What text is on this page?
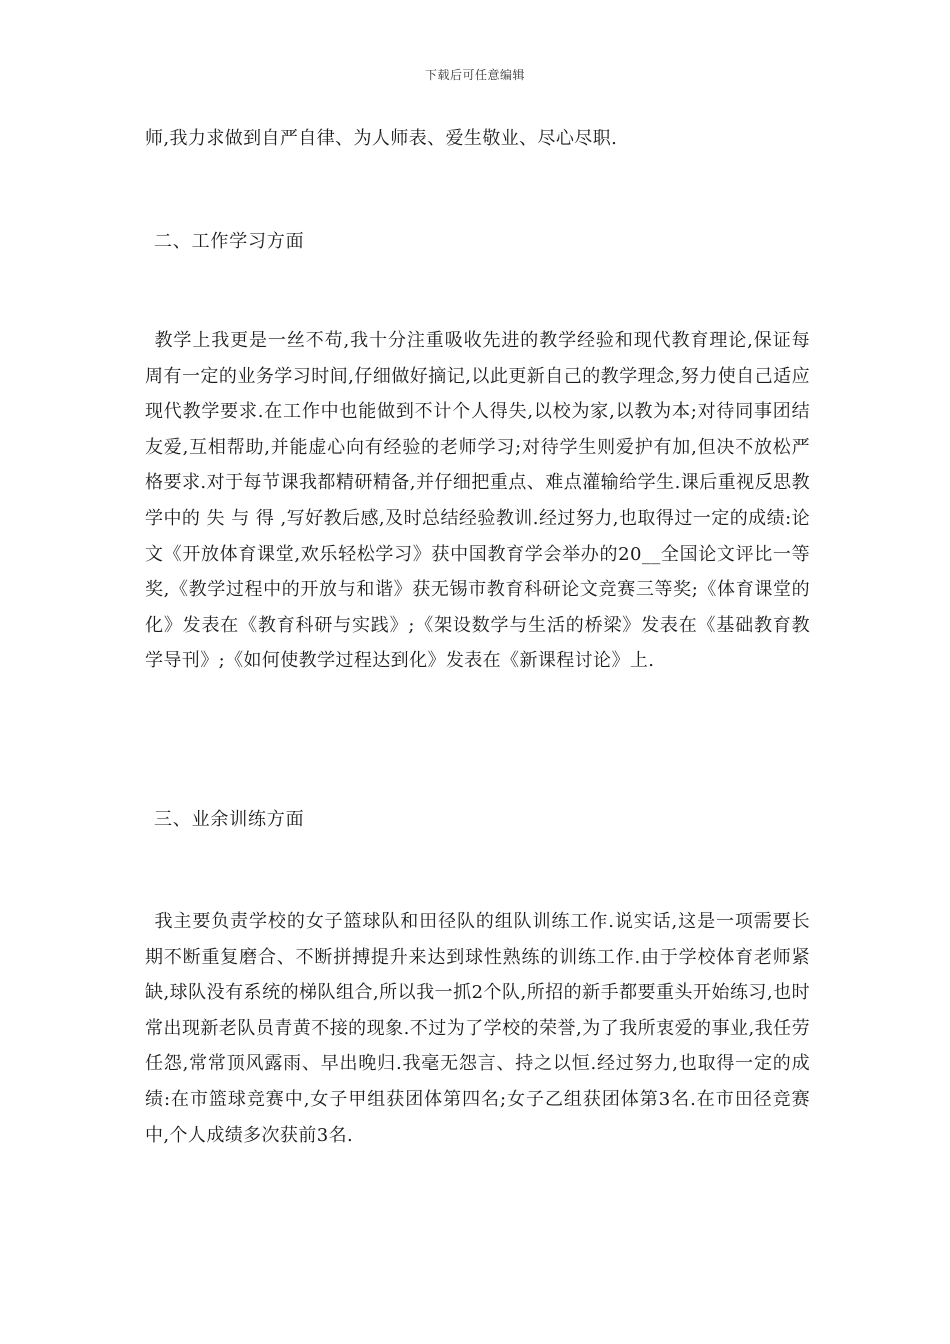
下载后可任意编辑
师,我力求做到自严自律、为人师表、爱生敬业、尽心尽职.
二、工作学习方面
教学上我更是一丝不苟,我十分注重吸收先进的教学经验和现代教育理论,保证每周有一定的业务学习时间,仔细做好摘记,以此更新自己的教学理念,努力使自己适应现代教学要求.在工作中也能做到不计个人得失,以校为家,以教为本;对待同事团结友爱,互相帮助,并能虚心向有经验的老师学习;对待学生则爱护有加,但决不放松严格要求.对于每节课我都精研精备,并仔细把重点、难点灌输给学生.课后重视反思教学中的 失 与 得 ,写好教后感,及时总结经验教训.经过努力,也取得过一定的成绩:论文《开放体育课堂,欢乐轻松学习》获中国教育学会举办的20__全国论文评比一等奖,《教学过程中的开放与和谐》获无锡市教育科研论文竞赛三等奖;《体育课堂的化》发表在《教育科研与实践》;《架设数学与生活的桥梁》发表在《基础教育教学导刊》;《如何使教学过程达到化》发表在《新课程讨论》上.
三、业余训练方面
我主要负责学校的女子篮球队和田径队的组队训练工作.说实话,这是一项需要长期不断重复磨合、不断拼搏提升来达到球性熟练的训练工作.由于学校体育老师紧缺,球队没有系统的梯队组合,所以我一抓2个队,所招的新手都要重头开始练习,也时常出现新老队员青黄不接的现象.不过为了学校的荣誉,为了我所衷爱的事业,我任劳任怨,常常顶风露雨、早出晚归.我毫无怨言、持之以恒.经过努力,也取得一定的成绩:在市篮球竞赛中,女子甲组获团体第四名;女子乙组获团体第3名.在市田径竞赛中,个人成绩多次获前3名.
